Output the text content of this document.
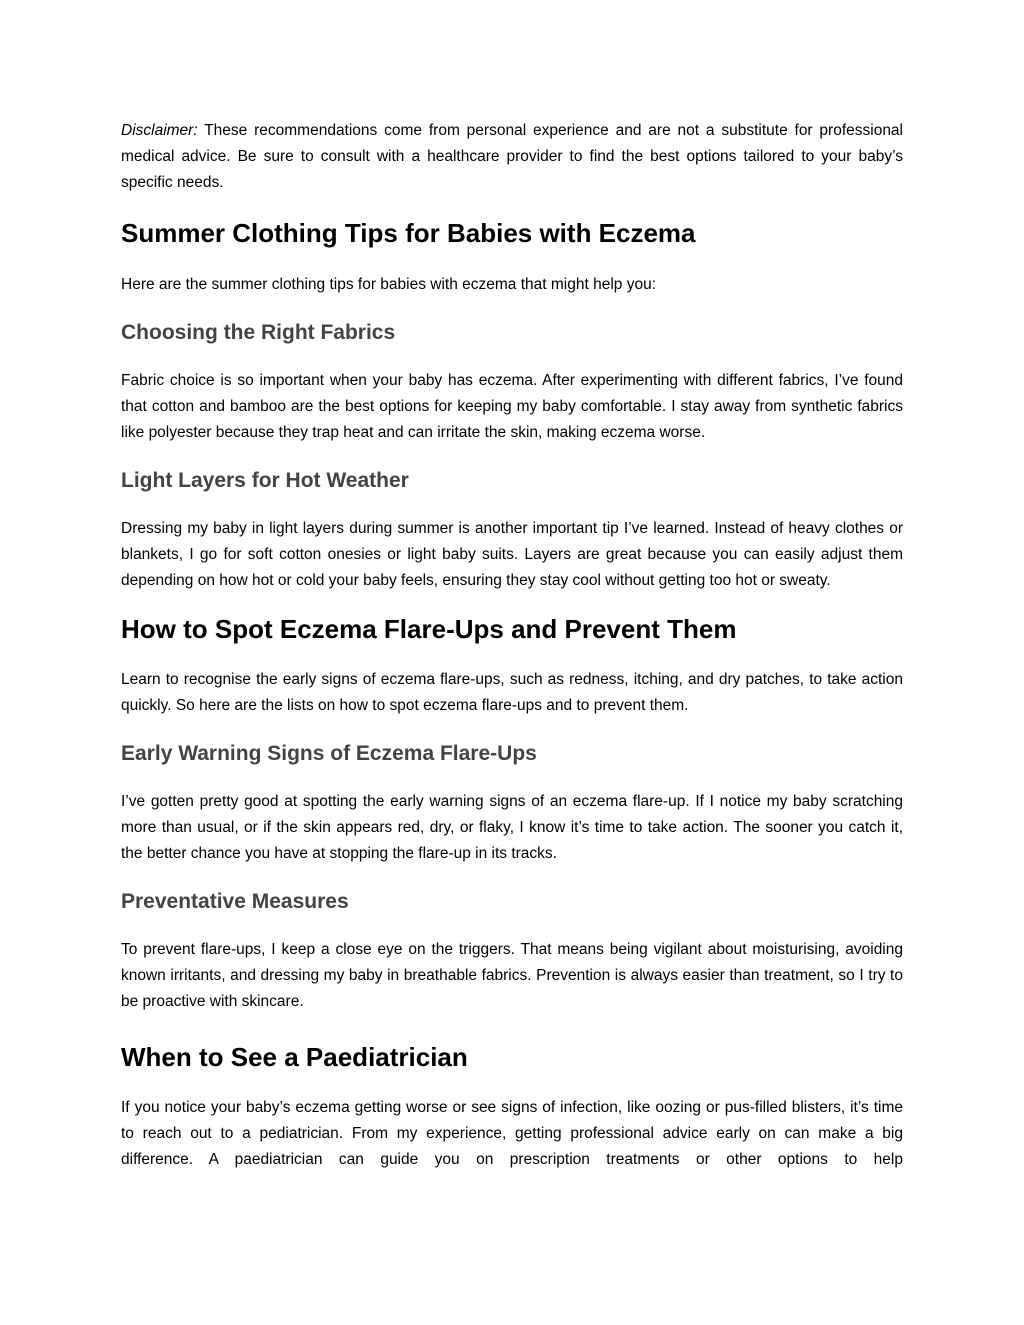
Disclaimer: These recommendations come from personal experience and are not a substitute for professional medical advice. Be sure to consult with a healthcare provider to find the best options tailored to your baby’s specific needs.

Summer Clothing Tips for Babies with Eczema

Here are the summer clothing tips for babies with eczema that might help you:

Choosing the Right Fabrics

Fabric choice is so important when your baby has eczema. After experimenting with different fabrics, I’ve found that cotton and bamboo are the best options for keeping my baby comfortable. I stay away from synthetic fabrics like polyester because they trap heat and can irritate the skin, making eczema worse.

Light Layers for Hot Weather

Dressing my baby in light layers during summer is another important tip I’ve learned. Instead of heavy clothes or blankets, I go for soft cotton onesies or light baby suits. Layers are great because you can easily adjust them depending on how hot or cold your baby feels, ensuring they stay cool without getting too hot or sweaty.

How to Spot Eczema Flare-Ups and Prevent Them

Learn to recognise the early signs of eczema flare-ups, such as redness, itching, and dry patches, to take action quickly. So here are the lists on how to spot eczema flare-ups and to prevent them.

Early Warning Signs of Eczema Flare-Ups

I’ve gotten pretty good at spotting the early warning signs of an eczema flare-up. If I notice my baby scratching more than usual, or if the skin appears red, dry, or flaky, I know it’s time to take action. The sooner you catch it, the better chance you have at stopping the flare-up in its tracks.

Preventative Measures

To prevent flare-ups, I keep a close eye on the triggers. That means being vigilant about moisturising, avoiding known irritants, and dressing my baby in breathable fabrics. Prevention is always easier than treatment, so I try to be proactive with skincare.

When to See a Paediatrician

If you notice your baby’s eczema getting worse or see signs of infection, like oozing or pus-filled blisters, it’s time to reach out to a pediatrician. From my experience, getting professional advice early on can make a big difference. A paediatrician can guide you on prescription treatments or other options to help
